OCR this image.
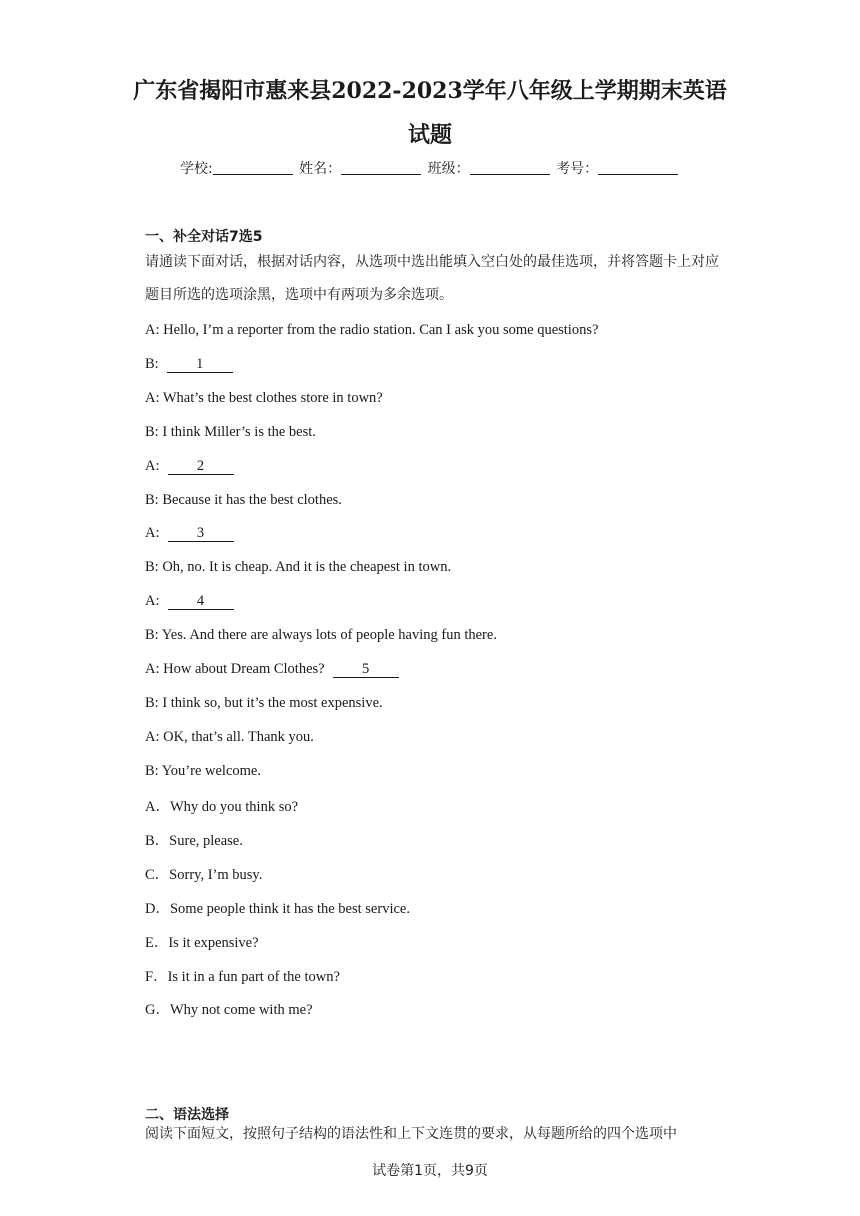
广东省揭阳市惠来县2022-2023学年八年级上学期期末英语
试题
学校:	姓名：	班级：	考号：
一、补全对话7选5
请通读下面对话，根据对话内容，从选项中选出能填入空白处的最佳选项，并将答题卡上对应题目所选的选项涂黑，选项中有两项为多余选项。
A: Hello, I’m a reporter from the radio station. Can I ask you some questions?
B:	1
A: What’s the best clothes store in town?
B: I think Miller’s is the best.
A:	2
B: Because it has the best clothes.
A:	3
B: Oh, no. It is cheap. And it is the cheapest in town.
A:	4
B: Yes. And there are always lots of people having fun there.
A: How about Dream Clothes?	5
B: I think so, but it’s the most expensive.
A: OK, that’s all. Thank you.
B: You’re welcome.
A．Why do you think so?
B．Sure, please.
C．Sorry, I’m busy.
D．Some people think it has the best service.
E．Is it expensive?
F．Is it in a fun part of the town?
G．Why not come with me?
二、语法选择
阅读下面短文，按照句子结构的语法性和上下文连贯的要求，从每题所给的四个选项中
试卷第1页，共9页
